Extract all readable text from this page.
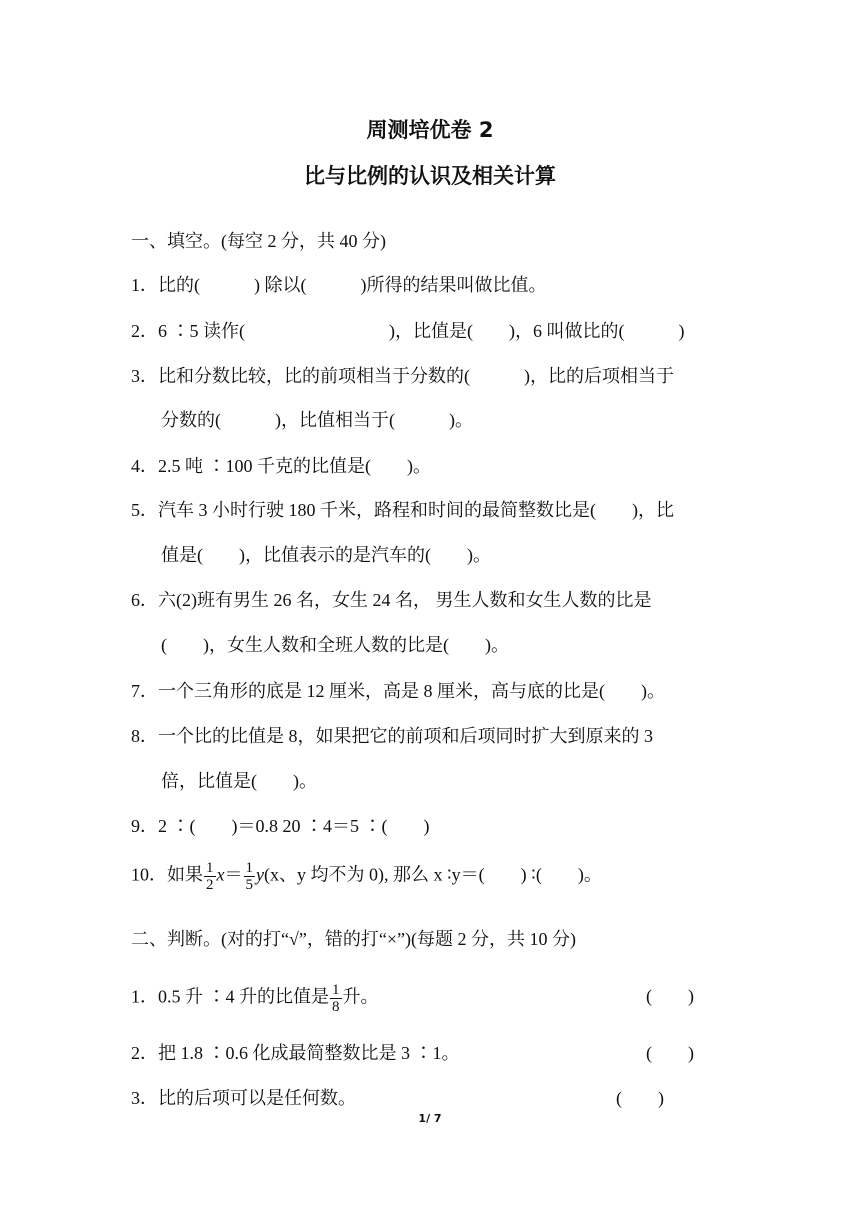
周测培优卷 2
比与比例的认识及相关计算
一、填空。(每空 2 分，共 40 分)
1．比的(　　　) 除以(　　　)所得的结果叫做比值。
2．6 ∶5 读作(　　　　　　　　)，比值是(　　)，6 叫做比的(　　　)
3．比和分数比较，比的前项相当于分数的(　　　)，比的后项相当于
分数的(　　　)，比值相当于(　　　)。
4．2.5 吨 ∶100 千克的比值是(　　)。
5．汽车 3 小时行驶 180 千米，路程和时间的最简整数比是(　　)，比
值是(　　)，比值表示的是汽车的(　　)。
6．六(2)班有男生 26 名，女生 24 名， 男生人数和女生人数的比是
(　　)，女生人数和全班人数的比是(　　)。
7．一个三角形的底是 12 厘米，高是 8 厘米，高与底的比是(　　)。
8．一个比的比值是 8，如果把它的前项和后项同时扩大到原来的 3
倍，比值是(　　)。
9．2 ∶(　　)＝0.8 20 ∶4＝5 ∶(　　)
10．如果 $\frac{1}{2} x= \frac{1}{5} y(x$、y 均不为 0), 那么 x ∶y＝(　　) ∶(　　)。
二、判断。(对的打“√”，错的打“×”)(每题 2 分，共 10 分)
1．0.5 升 ∶4 升的比值是 $\frac{1}{8}$ 升。	(　　)
2．把 1.8 ∶0.6 化成最简整数比是 3 ∶1。	(　　)
3．比的后项可以是任何数。	(　　)
1/ 7
